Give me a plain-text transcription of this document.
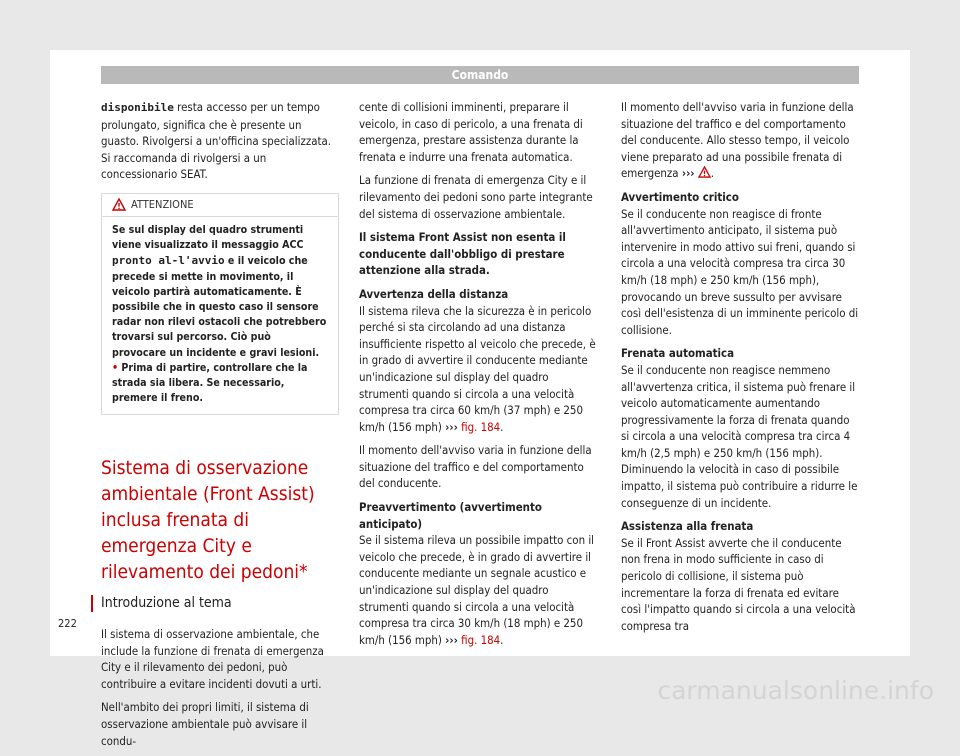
Comando

disponibile resta accesso per un tempo prolungato, significa che è presente un guasto. Rivolgersi a un'officina specializzata. Si raccomanda di rivolgersi a un concessionario SEAT.

ATTENZIONE

Se sul display del quadro strumenti viene visualizzato il messaggio ACC pronto al-l'avvio e il veicolo che precede si mette in movimento, il veicolo partirà automaticamente. È possibile che in questo caso il sensore radar non rilevi ostacoli che potrebbero trovarsi sul percorso. Ciò può provocare un incidente e gravi lesioni.

• Prima di partire, controllare che la strada sia libera. Se necessario, premere il freno.

Sistema di osservazione ambientale (Front Assist) inclusa frenata di emergenza City e rilevamento dei pedoni*
Introduzione al tema

Il sistema di osservazione ambientale, che include la funzione di frenata di emergenza City e il rilevamento dei pedoni, può contribuire a evitare incidenti dovuti a urti.

Nell'ambito dei propri limiti, il sistema di osservazione ambientale può avvisare il condu-

cente di collisioni imminenti, preparare il veicolo, in caso di pericolo, a una frenata di emergenza, prestare assistenza durante la frenata e indurre una frenata automatica.

La funzione di frenata di emergenza City e il rilevamento dei pedoni sono parte integrante del sistema di osservazione ambientale.

Il sistema Front Assist non esenta il conducente dall'obbligo di prestare attenzione alla strada.

Avvertenza della distanza

Il sistema rileva che la sicurezza è in pericolo perché si sta circolando ad una distanza insufficiente rispetto al veicolo che precede, è in grado di avvertire il conducente mediante un'indicazione sul display del quadro strumenti quando si circola a una velocità compresa tra circa 60 km/h (37 mph) e 250 km/h (156 mph) ››› fig. 184.

Il momento dell'avviso varia in funzione della situazione del traffico e del comportamento del conducente.

Preavvertimento (avvertimento anticipato)

Se il sistema rileva un possibile impatto con il veicolo che precede, è in grado di avvertire il conducente mediante un segnale acustico e un'indicazione sul display del quadro strumenti quando si circola a una velocità compresa tra circa 30 km/h (18 mph) e 250 km/h (156 mph) ››› fig. 184.

Il momento dell'avviso varia in funzione della situazione del traffico e del comportamento del conducente. Allo stesso tempo, il veicolo viene preparato ad una possibile frenata di emergenza ››› .

Avvertimento critico

Se il conducente non reagisce di fronte all'avvertimento anticipato, il sistema può intervenire in modo attivo sui freni, quando si circola a una velocità compresa tra circa 30 km/h (18 mph) e 250 km/h (156 mph), provocando un breve sussulto per avvisare così dell'esistenza di un imminente pericolo di collisione.

Frenata automatica

Se il conducente non reagisce nemmeno all'avvertenza critica, il sistema può frenare il veicolo automaticamente aumentando progressivamente la forza di frenata quando si circola a una velocità compresa tra circa 4 km/h (2,5 mph) e 250 km/h (156 mph). Diminuendo la velocità in caso di possibile impatto, il sistema può contribuire a ridurre le conseguenze di un incidente.

Assistenza alla frenata

Se il Front Assist avverte che il conducente non frena in modo sufficiente in caso di pericolo di collisione, il sistema può incrementare la forza di frenata ed evitare così l'impatto quando si circola a una velocità compresa tra

222
carmanualsonline.info
